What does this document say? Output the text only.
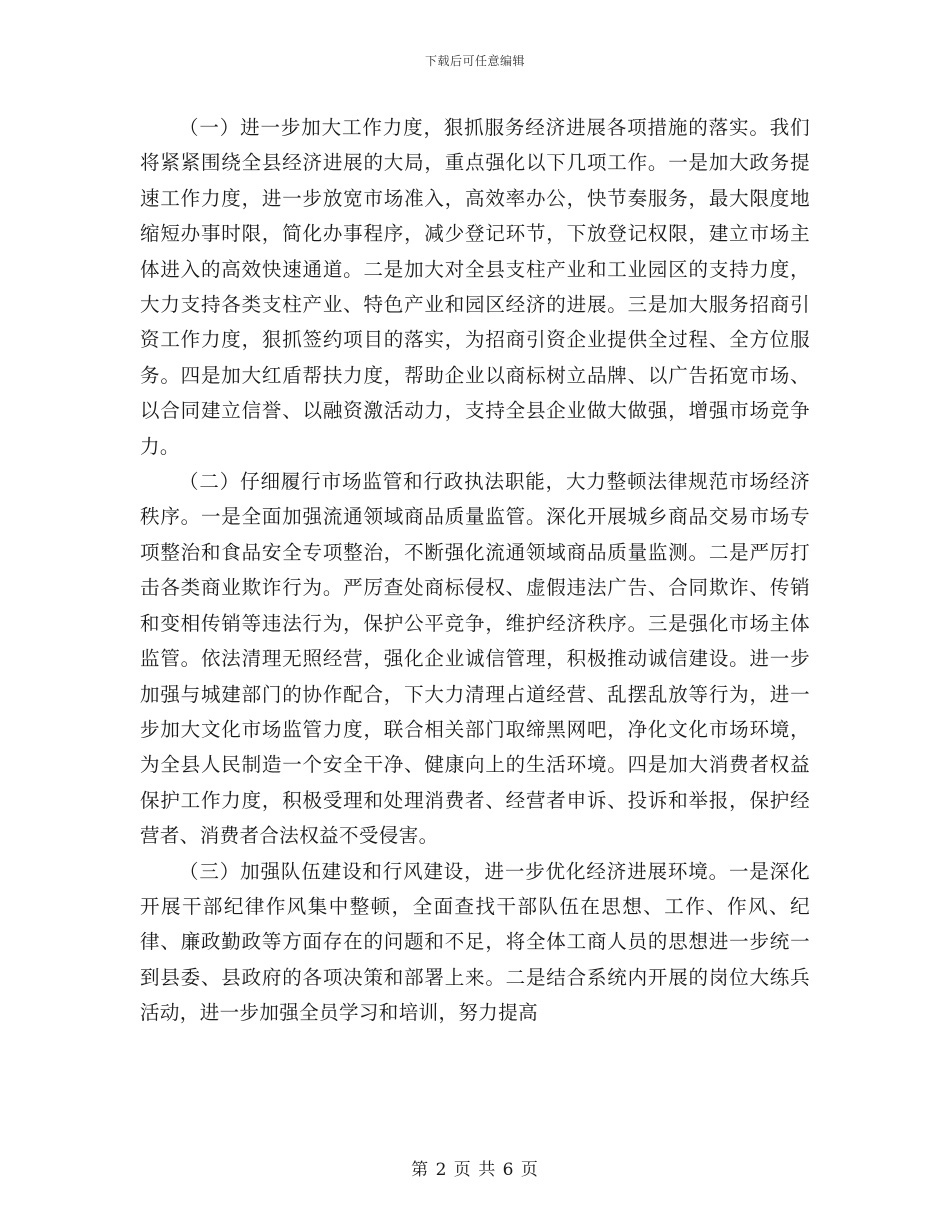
下载后可任意编辑

（一）进一步加大工作力度，狠抓服务经济进展各项措施的落实。我们将紧紧围绕全县经济进展的大局，重点强化以下几项工作。一是加大政务提速工作力度，进一步放宽市场准入，高效率办公，快节奏服务，最大限度地缩短办事时限，简化办事程序，减少登记环节，下放登记权限，建立市场主体进入的高效快速通道。二是加大对全县支柱产业和工业园区的支持力度，大力支持各类支柱产业、特色产业和园区经济的进展。三是加大服务招商引资工作力度，狠抓签约项目的落实，为招商引资企业提供全过程、全方位服务。四是加大红盾帮扶力度，帮助企业以商标树立品牌、以广告拓宽市场、以合同建立信誉、以融资激活动力，支持全县企业做大做强，增强市场竞争力。

（二）仔细履行市场监管和行政执法职能，大力整顿法律规范市场经济秩序。一是全面加强流通领域商品质量监管。深化开展城乡商品交易市场专项整治和食品安全专项整治，不断强化流通领域商品质量监测。二是严厉打击各类商业欺诈行为。严厉查处商标侵权、虚假违法广告、合同欺诈、传销和变相传销等违法行为，保护公平竞争，维护经济秩序。三是强化市场主体监管。依法清理无照经营，强化企业诚信管理，积极推动诚信建设。进一步加强与城建部门的协作配合，下大力清理占道经营、乱摆乱放等行为，进一步加大文化市场监管力度，联合相关部门取缔黑网吧，净化文化市场环境，为全县人民制造一个安全干净、健康向上的生活环境。四是加大消费者权益保护工作力度，积极受理和处理消费者、经营者申诉、投诉和举报，保护经营者、消费者合法权益不受侵害。

（三）加强队伍建设和行风建设，进一步优化经济进展环境。一是深化开展干部纪律作风集中整顿，全面查找干部队伍在思想、工作、作风、纪律、廉政勤政等方面存在的问题和不足，将全体工商人员的思想进一步统一到县委、县政府的各项决策和部署上来。二是结合系统内开展的岗位大练兵活动，进一步加强全员学习和培训，努力提高

第 2 页 共 6 页
